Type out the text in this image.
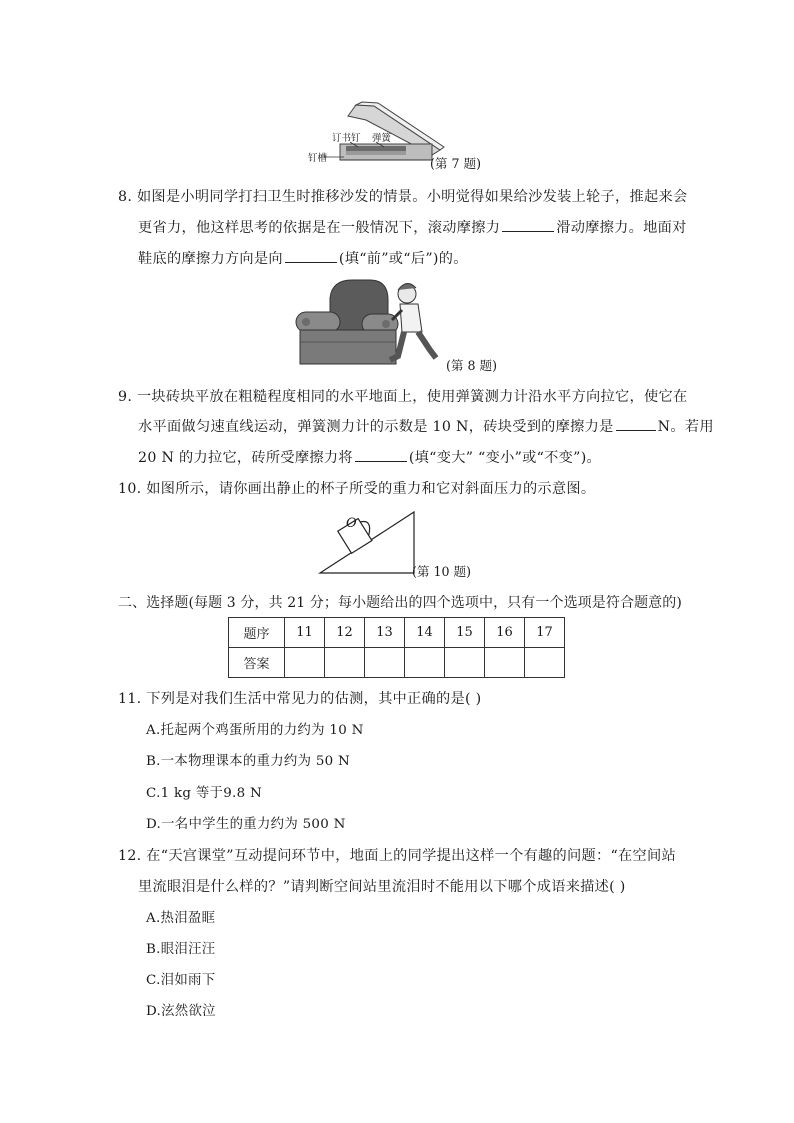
订书钉 弹簧
钉槽	(第 7 题)
8. 如图是小明同学打扫卫生时推移沙发的情景。小明觉得如果给沙发装上轮子，推起来会
更省力，他这样思考的依据是在一般情况下，滚动摩擦力	滑动摩擦力。地面对
鞋底的摩擦力方向是向	(填“前”或“后”)的。
(第 8 题)
9. 一块砖块平放在粗糙程度相同的水平地面上，使用弹簧测力计沿水平方向拉它，使它在
水平面做匀速直线运动，弹簧测力计的示数是 10 N，砖块受到的摩擦力是	N。若用
20 N 的力拉它，砖所受摩擦力将	(填“变大” “变小”或“不变”)。
10. 如图所示，请你画出静止的杯子所受的重力和它对斜面压力的示意图。
O
(第 10 题)
二、选择题(每题 3 分，共 21 分；每小题给出的四个选项中，只有一个选项是符合题意的)
题序	11	12	13	14	15	16	17
答案							
11. 下列是对我们生活中常见力的估测，其中正确的是( )
A.托起两个鸡蛋所用的力约为 10 N
B.一本物理课本的重力约为 50 N
C.1 kg 等于9.8 N
D.一名中学生的重力约为 500 N
12. 在“天宫课堂”互动提问环节中，地面上的同学提出这样一个有趣的问题：“在空间站
里流眼泪是什么样的？”请判断空间站里流泪时不能用以下哪个成语来描述( )
A.热泪盈眶
B.眼泪汪汪
C.泪如雨下
D.泫然欲泣
